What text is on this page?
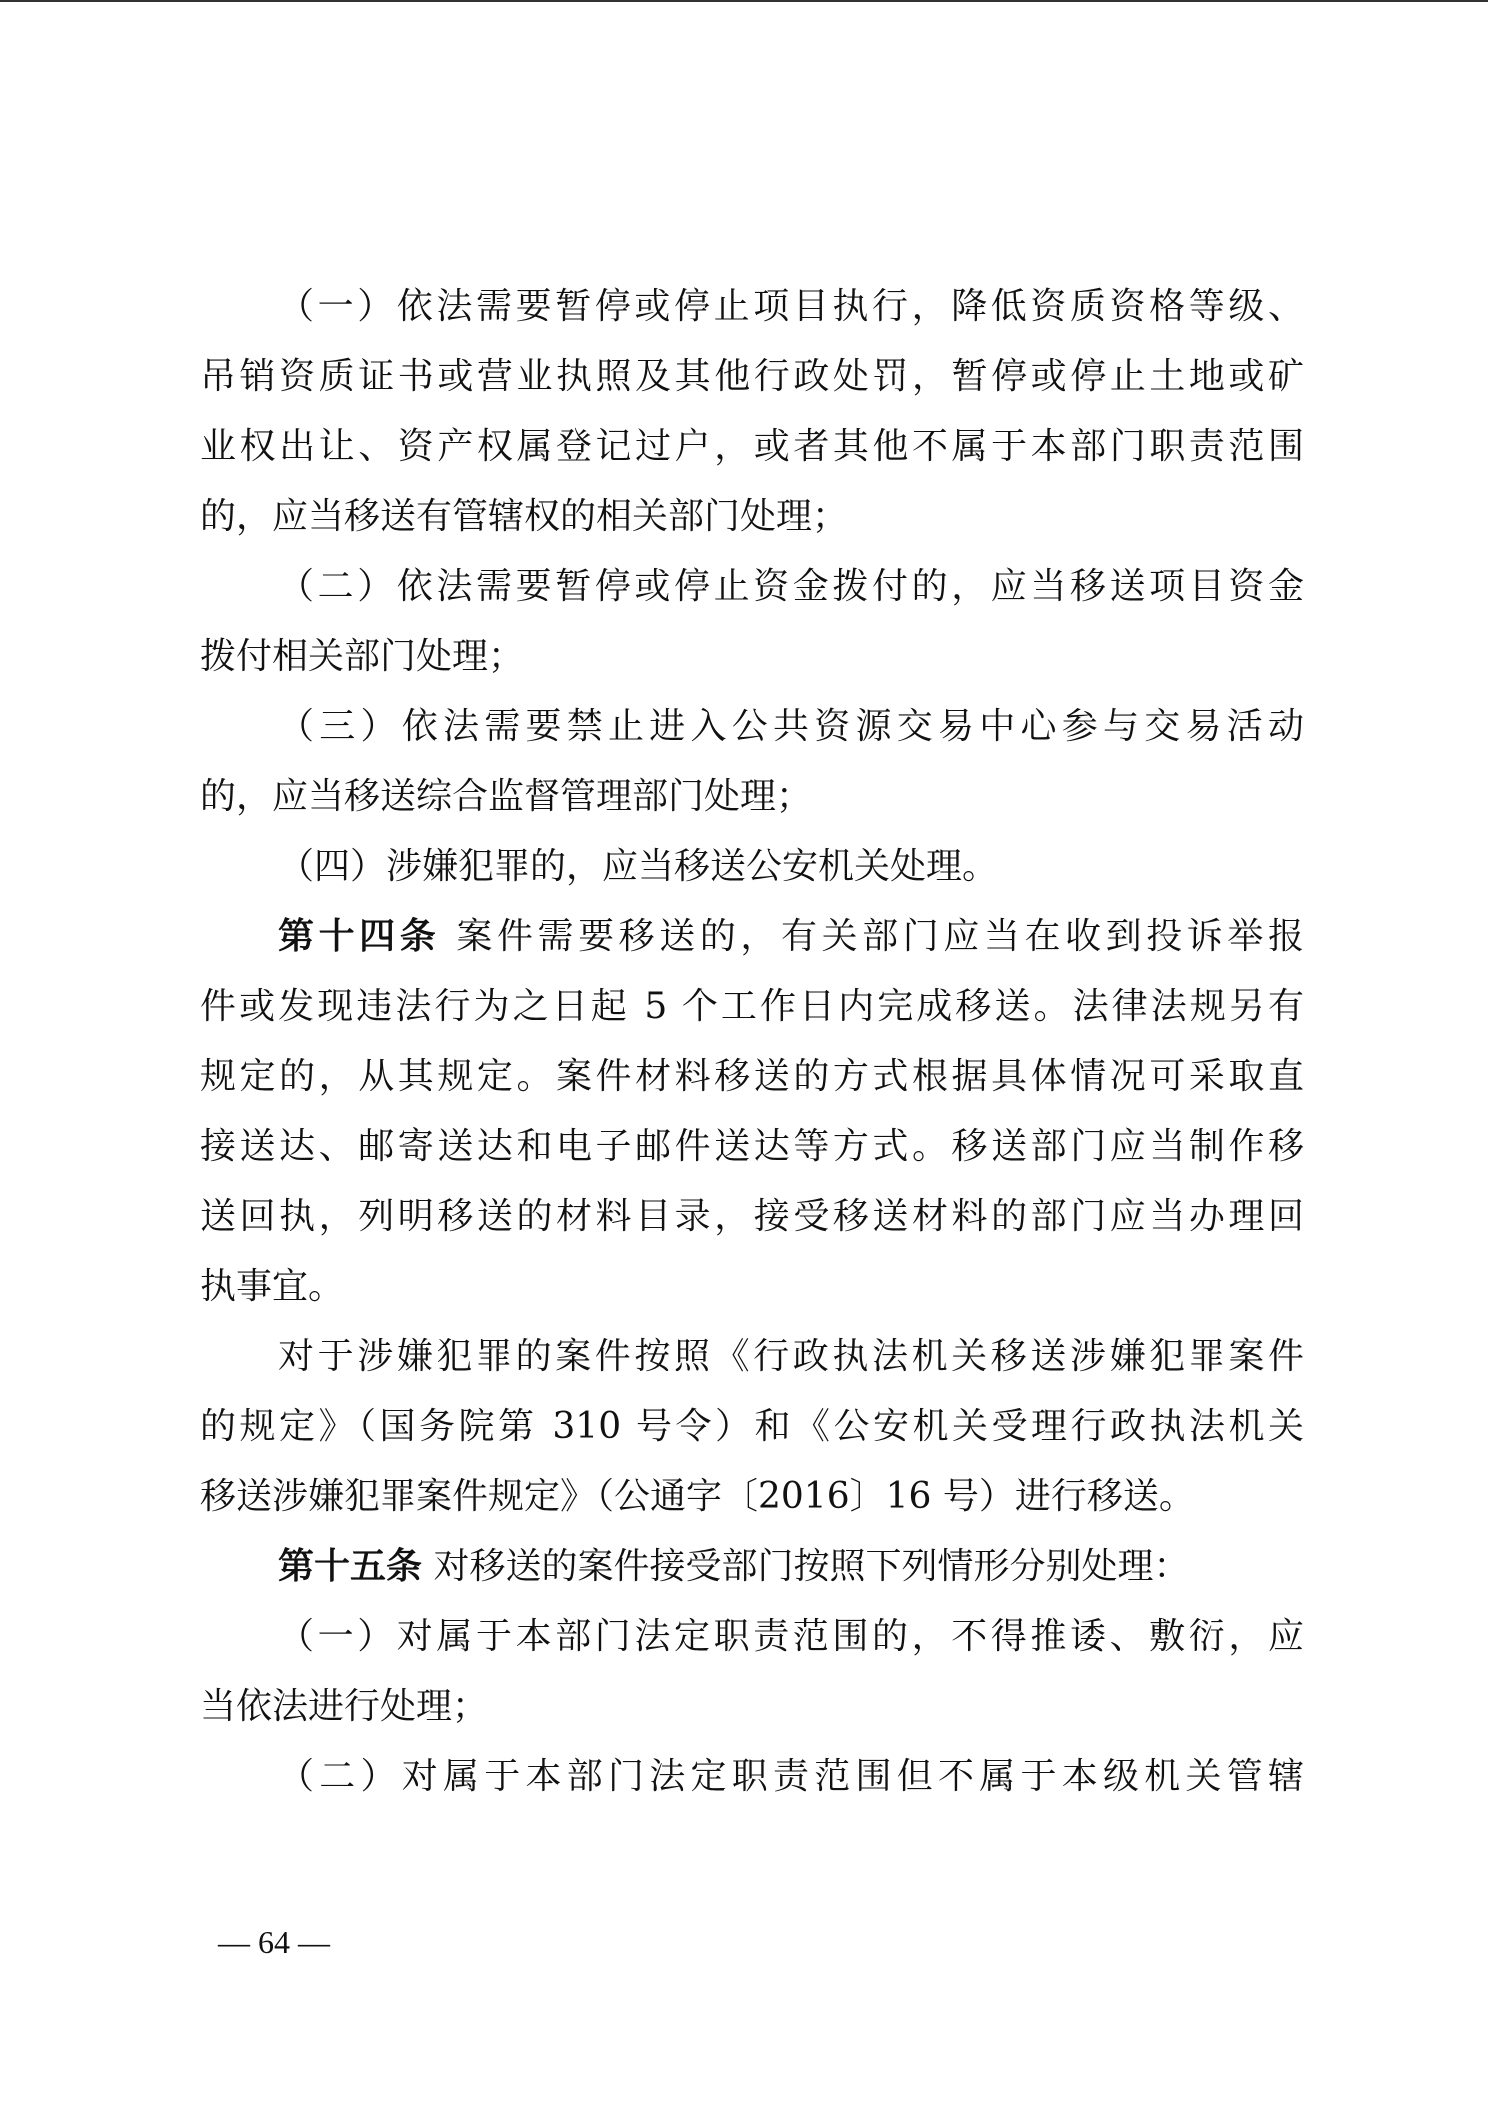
（一）依法需要暂停或停止项目执行，降低资质资格等级、
吊销资质证书或营业执照及其他行政处罚，暂停或停止土地或矿
业权出让、资产权属登记过户，或者其他不属于本部门职责范围
的，应当移送有管辖权的相关部门处理；
（二）依法需要暂停或停止资金拨付的，应当移送项目资金
拨付相关部门处理；
（三）依法需要禁止进入公共资源交易中心参与交易活动
的，应当移送综合监督管理部门处理；
（四）涉嫌犯罪的，应当移送公安机关处理。
第十四条 案件需要移送的，有关部门应当在收到投诉举报
件或发现违法行为之日起 5 个工作日内完成移送。法律法规另有
规定的，从其规定。案件材料移送的方式根据具体情况可采取直
接送达、邮寄送达和电子邮件送达等方式。移送部门应当制作移
送回执，列明移送的材料目录，接受移送材料的部门应当办理回
执事宜。
对于涉嫌犯罪的案件按照《行政执法机关移送涉嫌犯罪案件
的规定》（国务院第 310 号令）和《公安机关受理行政执法机关
移送涉嫌犯罪案件规定》（公通字〔2016〕16 号）进行移送。
第十五条 对移送的案件接受部门按照下列情形分别处理：
（一）对属于本部门法定职责范围的，不得推诿、敷衍，应
当依法进行处理；
（二）对属于本部门法定职责范围但不属于本级机关管辖
— 64 —
